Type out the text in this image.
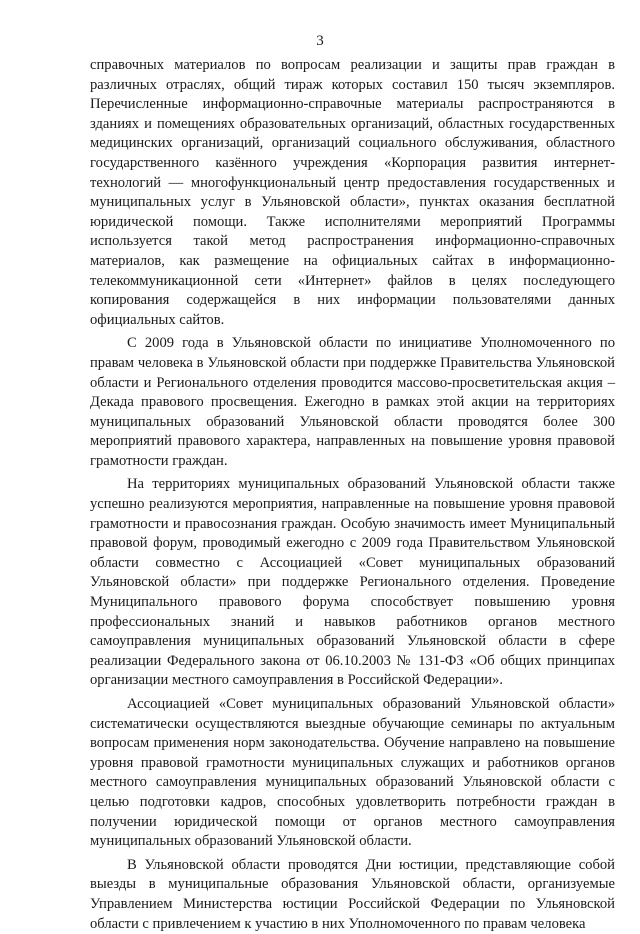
3

справочных материалов по вопросам реализации и защиты прав граждан в различных отраслях, общий тираж которых составил 150 тысяч экземпляров. Перечисленные информационно-справочные материалы распространяются в зданиях и помещениях образовательных организаций, областных государственных медицинских организаций, организаций социального обслуживания, областного государственного казённого учреждения «Корпорация развития интернет-технологий — многофункциональный центр предоставления государственных и муниципальных услуг в Ульяновской области», пунктах оказания бесплатной юридической помощи. Также исполнителями мероприятий Программы используется такой метод распространения информационно-справочных материалов, как размещение на официальных сайтах в информационно-телекоммуникационной сети «Интернет» файлов в целях последующего копирования содержащейся в них информации пользователями данных официальных сайтов.

С 2009 года в Ульяновской области по инициативе Уполномоченного по правам человека в Ульяновской области при поддержке Правительства Ульяновской области и Регионального отделения проводится массово-просветительская акция – Декада правового просвещения. Ежегодно в рамках этой акции на территориях муниципальных образований Ульяновской области проводятся более 300 мероприятий правового характера, направленных на повышение уровня правовой грамотности граждан.

На территориях муниципальных образований Ульяновской области также успешно реализуются мероприятия, направленные на повышение уровня правовой грамотности и правосознания граждан. Особую значимость имеет Муниципальный правовой форум, проводимый ежегодно с 2009 года Правительством Ульяновской области совместно с Ассоциацией «Совет муниципальных образований Ульяновской области» при поддержке Регионального отделения. Проведение Муниципального правового форума способствует повышению уровня профессиональных знаний и навыков работников органов местного самоуправления муниципальных образований Ульяновской области в сфере реализации Федерального закона от 06.10.2003 № 131-ФЗ «Об общих принципах организации местного самоуправления в Российской Федерации».

Ассоциацией «Совет муниципальных образований Ульяновской области» систематически осуществляются выездные обучающие семинары по актуальным вопросам применения норм законодательства. Обучение направлено на повышение уровня правовой грамотности муниципальных служащих и работников органов местного самоуправления муниципальных образований Ульяновской области с целью подготовки кадров, способных удовлетворить потребности граждан в получении юридической помощи от органов местного самоуправления муниципальных образований Ульяновской области.

В Ульяновской области проводятся Дни юстиции, представляющие собой выезды в муниципальные образования Ульяновской области, организуемые Управлением Министерства юстиции Российской Федерации по Ульяновской области с привлечением к участию в них Уполномоченного по правам человека
